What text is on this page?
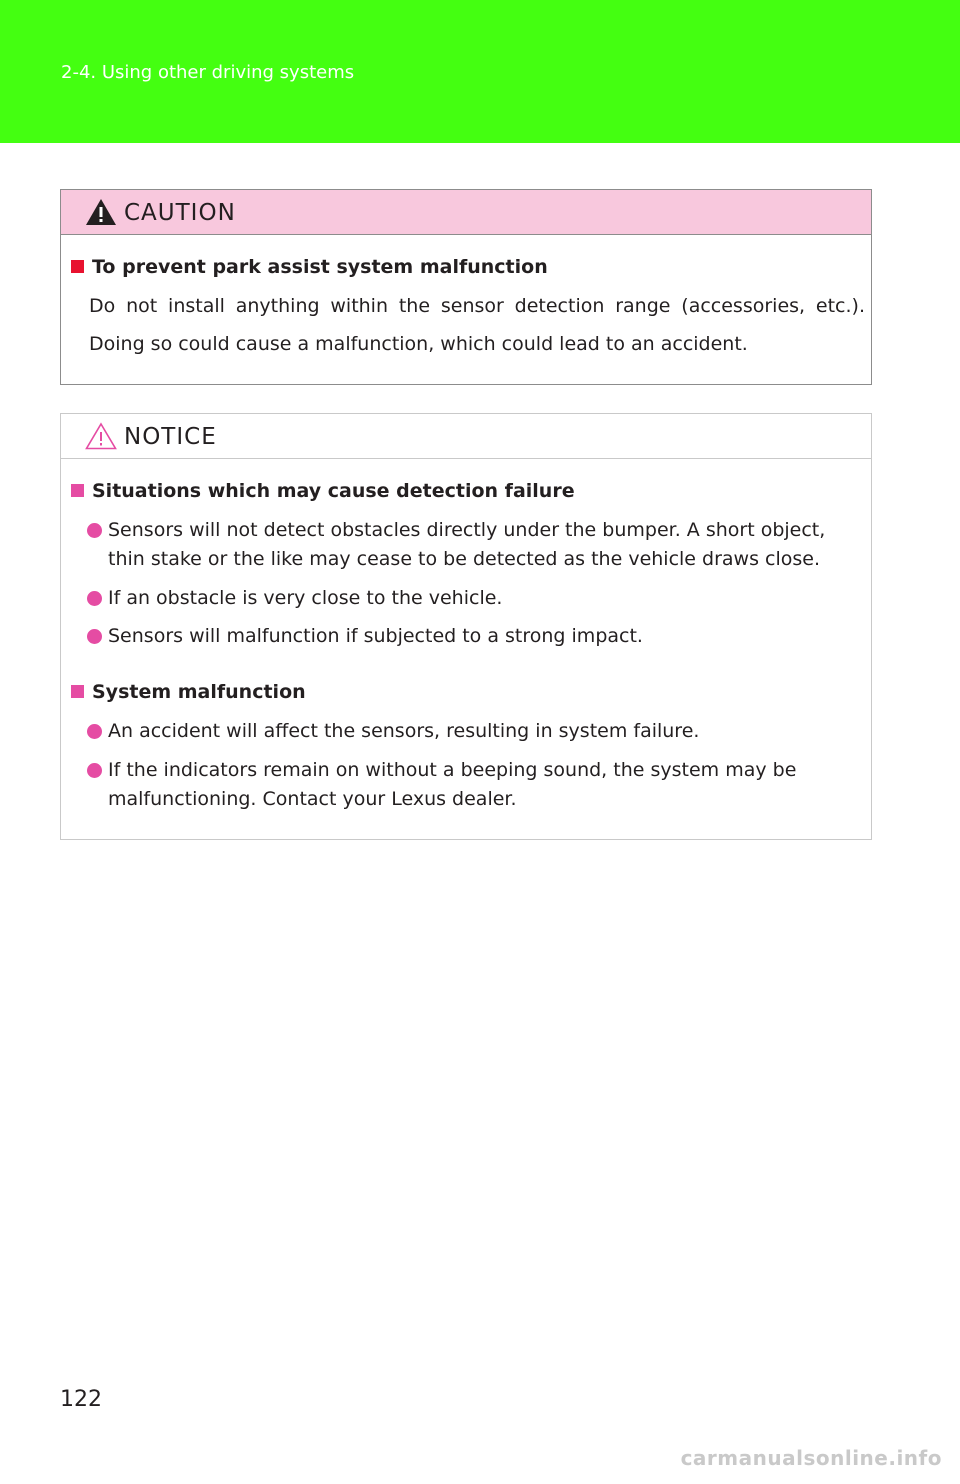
2-4. Using other driving systems
CAUTION
To prevent park assist system malfunction
Do not install anything within the sensor detection range (accessories, etc.). Doing so could cause a malfunction, which could lead to an accident.
NOTICE
Situations which may cause detection failure
Sensors will not detect obstacles directly under the bumper. A short object, thin stake or the like may cease to be detected as the vehicle draws close.
If an obstacle is very close to the vehicle.
Sensors will malfunction if subjected to a strong impact.
System malfunction
An accident will affect the sensors, resulting in system failure.
If the indicators remain on without a beeping sound, the system may be malfunctioning. Contact your Lexus dealer.
122
carmanualsonline.info
